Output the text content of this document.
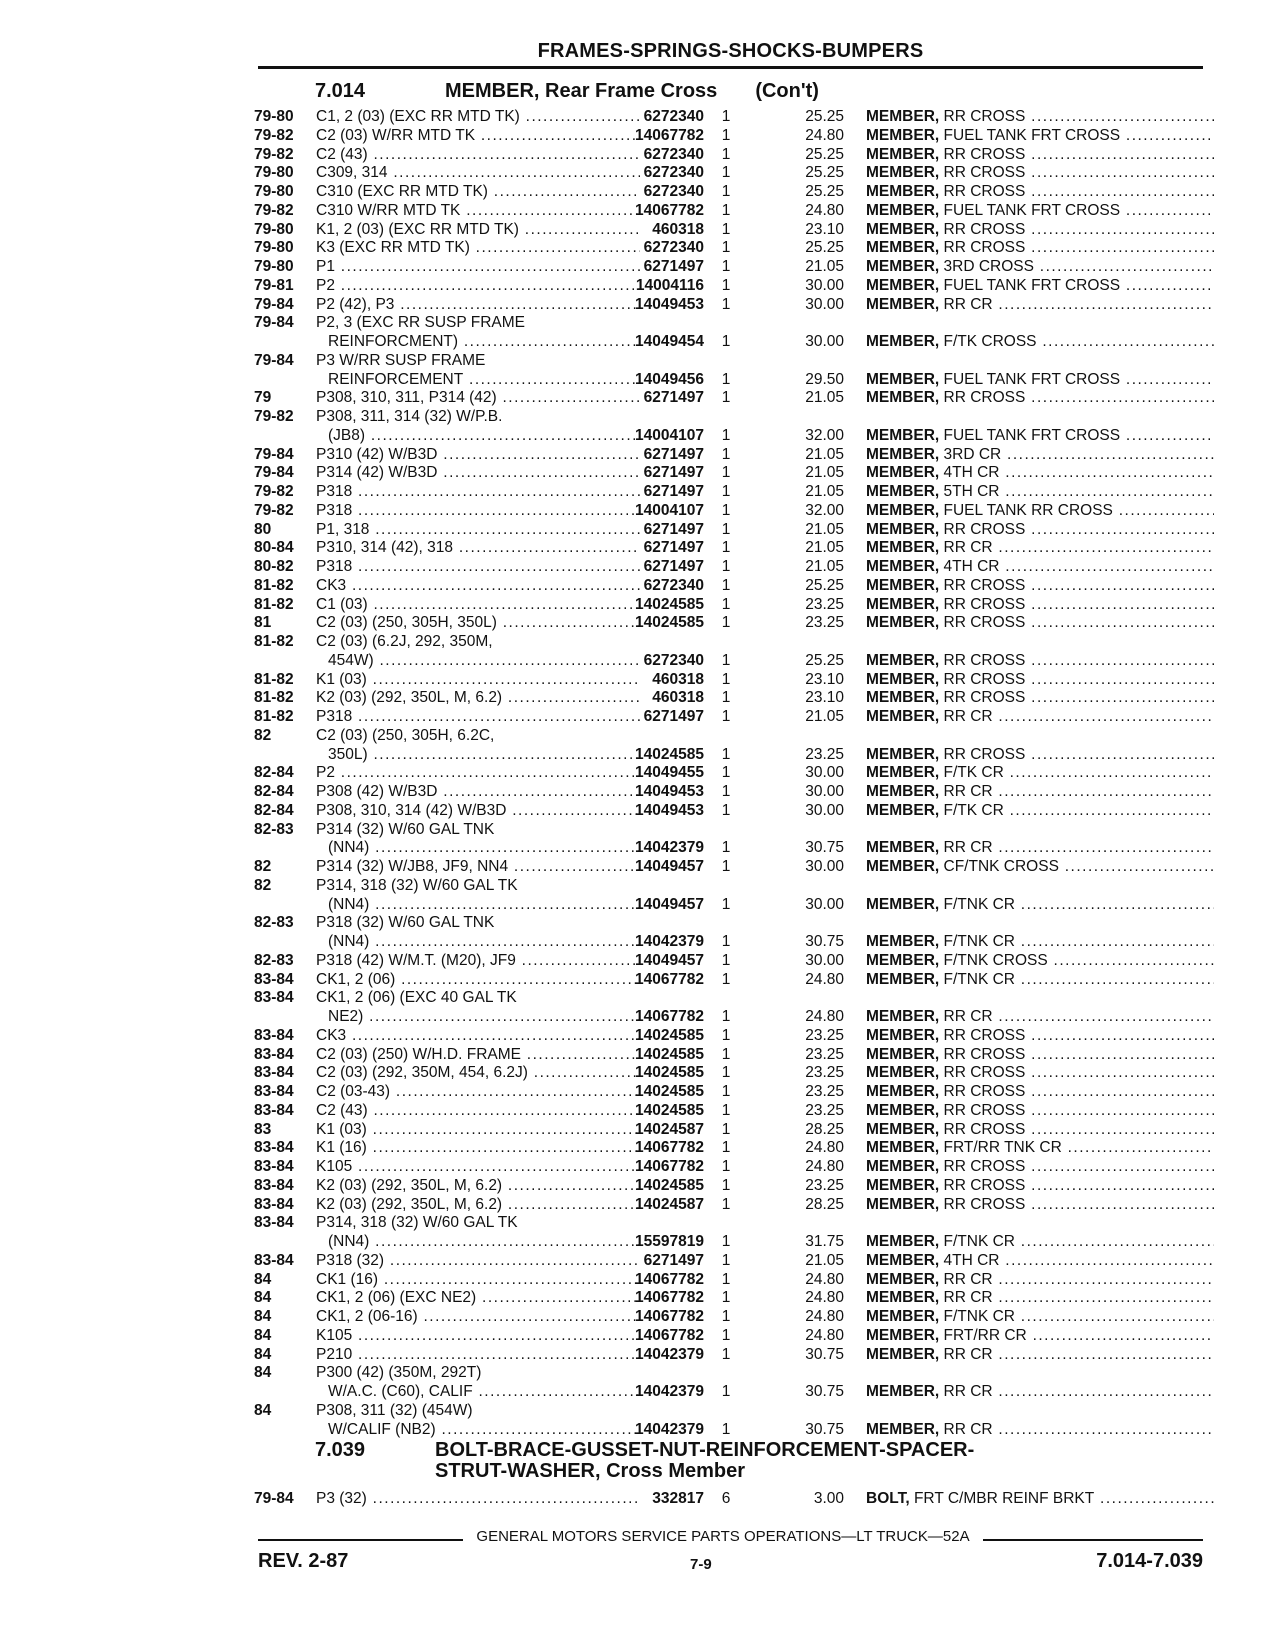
FRAMES-SPRINGS-SHOCKS-BUMPERS
7.014	MEMBER, Rear Frame Cross (Con't)
79-80 C1, 2 (03) (EXC RR MTD TK) .....	6272340	1	25.25 MEMBER, RR CROSS .....
79-82 C2 (03) W/RR MTD TK .....	14067782	1	24.80 MEMBER, FUEL TANK FRT CROSS .....
79-82 C2 (43) .....	6272340	1	25.25 MEMBER, RR CROSS .....
79-80 C309, 314 .....	6272340	1	25.25 MEMBER, RR CROSS .....
79-80 C310 (EXC RR MTD TK) .....	6272340	1	25.25 MEMBER, RR CROSS .....
79-82 C310 W/RR MTD TK .....	14067782	1	24.80 MEMBER, FUEL TANK FRT CROSS .....
79-80 K1, 2 (03) (EXC RR MTD TK) .....	460318	1	23.10 MEMBER, RR CROSS .....
79-80 K3 (EXC RR MTD TK) .....	6272340	1	25.25 MEMBER, RR CROSS .....
79-80 P1 .....	6271497	1	21.05 MEMBER, 3RD CROSS .....
79-81 P2 .....	14004116	1	30.00 MEMBER, FUEL TANK FRT CROSS .....
79-84 P2 (42), P3 .....	14049453	1	30.00 MEMBER, RR CR .....
79-84 P2, 3 (EXC RR SUSP FRAME
REINFORCMENT) .....	14049454	1	30.00 MEMBER, F/TK CROSS .....
79-84 P3 W/RR SUSP FRAME
REINFORCEMENT .....	14049456	1	29.50 MEMBER, FUEL TANK FRT CROSS .....
79	P308, 310, 311, P314 (42) .....	6271497	1	21.05 MEMBER, RR CROSS .....
79-82 P308, 311, 314 (32) W/P.B.
(JB8) .....	14004107	1	32.00 MEMBER, FUEL TANK FRT CROSS .....
79-84 P310 (42) W/B3D .....	6271497	1	21.05 MEMBER, 3RD CR .....
79-84 P314 (42) W/B3D .....	6271497	1	21.05 MEMBER, 4TH CR .....
79-82 P318 .....	6271497	1	21.05 MEMBER, 5TH CR .....
79-82 P318 .....	14004107	1	32.00 MEMBER, FUEL TANK RR CROSS .....
80	P1, 318 .....	6271497	1	21.05 MEMBER, RR CROSS .....
80-84 P310, 314 (42), 318 .....	6271497	1	21.05 MEMBER, RR CR .....
80-82 P318 .....	6271497	1	21.05 MEMBER, 4TH CR .....
81-82 CK3 .....	6272340	1	25.25 MEMBER, RR CROSS .....
81-82 C1 (03) .....	14024585	1	23.25 MEMBER, RR CROSS .....
81	C2 (03) (250, 305H, 350L) .....	14024585	1	23.25 MEMBER, RR CROSS .....
81-82 C2 (03) (6.2J, 292, 350M,
454W) .....	6272340	1	25.25 MEMBER, RR CROSS .....
81-82 K1 (03) .....	460318	1	23.10 MEMBER, RR CROSS .....
81-82 K2 (03) (292, 350L, M, 6.2) .....	460318	1	23.10 MEMBER, RR CROSS .....
81-82 P318 .....	6271497	1	21.05 MEMBER, RR CR .....
82	C2 (03) (250, 305H, 6.2C,
350L) .....	14024585	1	23.25 MEMBER, RR CROSS .....
82-84 P2 .....	14049455	1	30.00 MEMBER, F/TK CR .....
82-84 P308 (42) W/B3D .....	14049453	1	30.00 MEMBER, RR CR .....
82-84 P308, 310, 314 (42) W/B3D .....	14049453	1	30.00 MEMBER, F/TK CR .....
82-83 P314 (32) W/60 GAL TNK
(NN4) .....	14042379	1	30.75 MEMBER, RR CR .....
82	P314 (32) W/JB8, JF9, NN4 .....	14049457	1	30.00 MEMBER, CF/TNK CROSS .....
82	P314, 318 (32) W/60 GAL TK
(NN4) .....	14049457	1	30.00 MEMBER, F/TNK CR .....
82-83 P318 (32) W/60 GAL TNK
(NN4) .....	14042379	1	30.75 MEMBER, F/TNK CR .....
82-83 P318 (42) W/M.T. (M20), JF9 .....	14049457	1	30.00 MEMBER, F/TNK CROSS .....
83-84 CK1, 2 (06) .....	14067782	1	24.80 MEMBER, F/TNK CR .....
83-84 CK1, 2 (06) (EXC 40 GAL TK
NE2) .....	14067782	1	24.80 MEMBER, RR CR .....
83-84 CK3 .....	14024585	1	23.25 MEMBER, RR CROSS .....
83-84 C2 (03) (250) W/H.D. FRAME .....	14024585	1	23.25 MEMBER, RR CROSS .....
83-84 C2 (03) (292, 350M, 454, 6.2J) .....	14024585	1	23.25 MEMBER, RR CROSS .....
83-84 C2 (03-43) .....	14024585	1	23.25 MEMBER, RR CROSS .....
83-84 C2 (43) .....	14024585	1	23.25 MEMBER, RR CROSS .....
83	K1 (03) .....	14024587	1	28.25 MEMBER, RR CROSS .....
83-84 K1 (16) .....	14067782	1	24.80 MEMBER, FRT/RR TNK CR .....
83-84 K105 .....	14067782	1	24.80 MEMBER, RR CROSS .....
83-84 K2 (03) (292, 350L, M, 6.2) .....	14024585	1	23.25 MEMBER, RR CROSS .....
83-84 K2 (03) (292, 350L, M, 6.2) .....	14024587	1	28.25 MEMBER, RR CROSS .....
83-84 P314, 318 (32) W/60 GAL TK
(NN4) .....	15597819	1	31.75 MEMBER, F/TNK CR .....
83-84 P318 (32) .....	6271497	1	21.05 MEMBER, 4TH CR .....
84	CK1 (16) .....	14067782	1	24.80 MEMBER, RR CR .....
84	CK1, 2 (06) (EXC NE2) .....	14067782	1	24.80 MEMBER, RR CR .....
84	CK1, 2 (06-16) .....	14067782	1	24.80 MEMBER, F/TNK CR .....
84	K105 .....	14067782	1	24.80 MEMBER, FRT/RR CR .....
84	P210 .....	14042379	1	30.75 MEMBER, RR CR .....
84	P300 (42) (350M, 292T)
W/A.C. (C60), CALIF .....	14042379	1	30.75 MEMBER, RR CR .....
84	P308, 311 (32) (454W)
W/CALIF (NB2) .....	14042379	1	30.75 MEMBER, RR CR .....
7.039	BOLT-BRACE-GUSSET-NUT-REINFORCEMENT-SPACER-
STRUT-WASHER, Cross Member
79-84 P3 (32) .....	332817	6	3.00 BOLT, FRT C/MBR REINF BRKT .....
GENERAL MOTORS SERVICE PARTS OPERATIONS—LT TRUCK—52A
REV. 2-87	7-9	7.014-7.039
